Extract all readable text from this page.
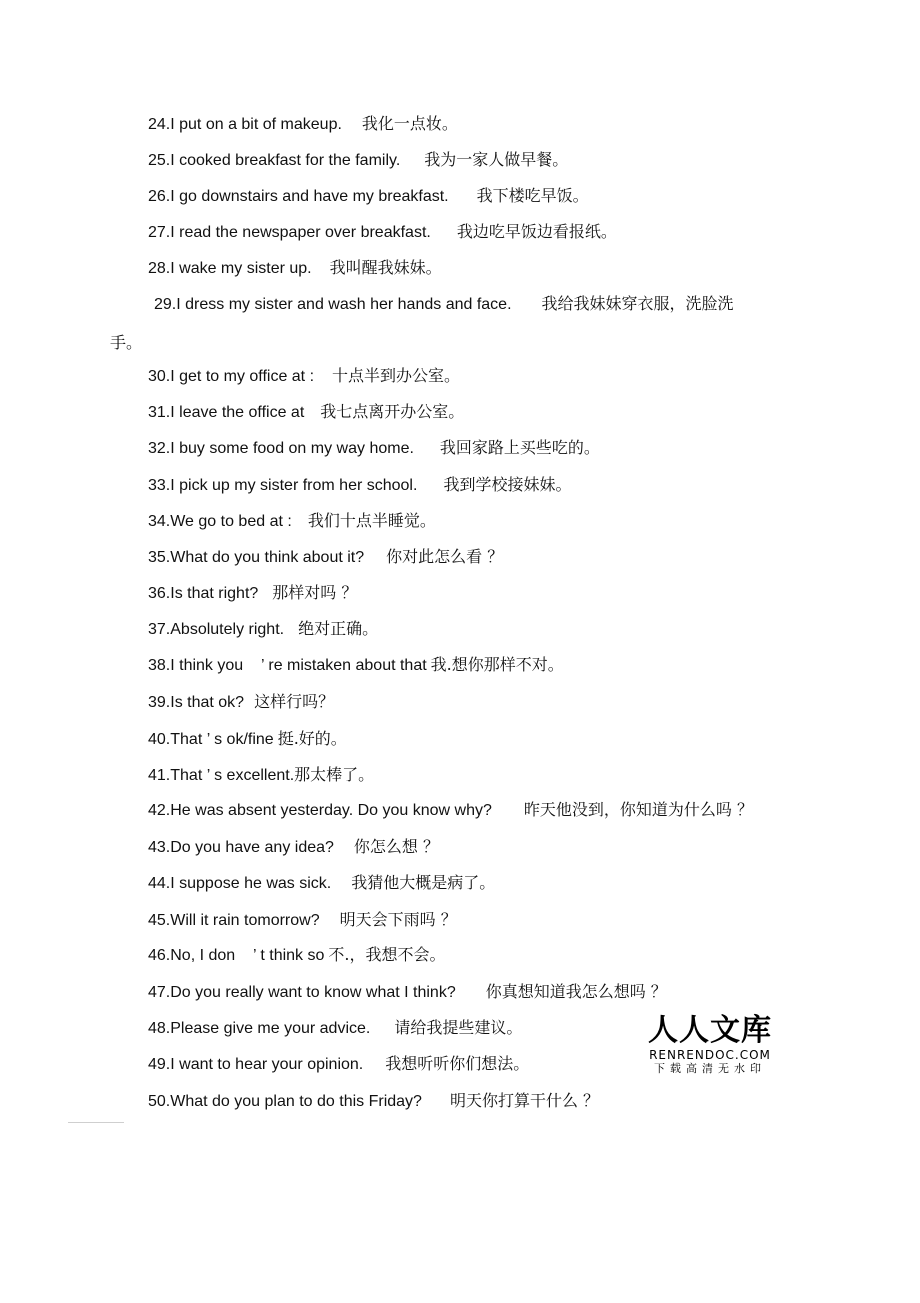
24.I put on a bit of makeup. 我化一点妆。
25.I cooked breakfast for the family. 我为一家人做早餐。
26.I go downstairs and have my breakfast. 我下楼吃早饭。
27.I read the newspaper over breakfast. 我边吃早饭边看报纸。
28.I wake my sister up. 我叫醒我妹妹。
29.I dress my sister and wash her hands and face. 我给我妹妹穿衣服，洗脸洗
手。
30.I get to my office at : 十点半到办公室。
31.I leave the office at 我七点离开办公室。
32.I buy some food on my way home. 我回家路上买些吃的。
33.I pick up my sister from her school. 我到学校接妹妹。
34.We go to bed at : 我们十点半睡觉。
35.What do you think about it? 你对此怎么看 ？
36.Is that right? 那样对吗 ？
37.Absolutely right. 绝对正确。
38.I think you    ’ re mistaken about that 我.想你那样不对。
39.Is that ok? 这样行吗？
40.That ’ s ok/fine 挺.好的。
41.That ’ s excellent.那太棒了。
42.He was absent yesterday. Do you know why? 昨天他没到，你知道为什么吗 ？
43.Do you have any idea? 你怎么想 ？
44.I suppose he was sick. 我猜他大概是病了。
45.Will it rain tomorrow? 明天会下雨吗 ？
46.No, I don    ’ t think so 不.，我想不会。
47.Do you really want to know what I think? 你真想知道我怎么想吗 ？
48.Please give me your advice. 请给我提些建议。
49.I want to hear your opinion. 我想听听你们想法。
50.What do you plan to do this Friday? 明天你打算干什么 ？
人人文库
RENRENDOC.COM
下载高清无水印
